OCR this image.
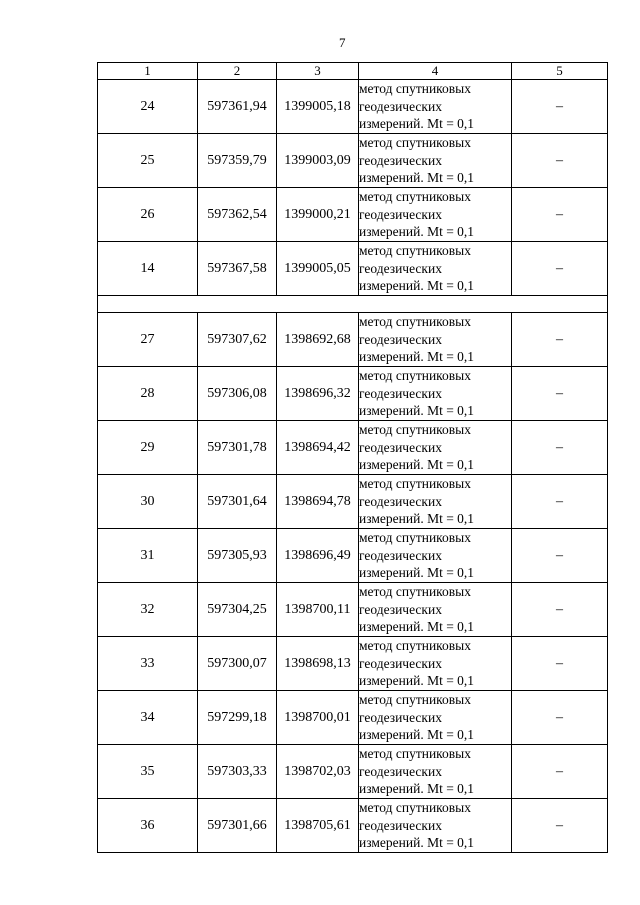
7
1	2	3	4	5
24	597361,94	1399005,18	метод спутниковых
геодезических
измерений. Mt = 0,1	–
25	597359,79	1399003,09	метод спутниковых
геодезических
измерений. Mt = 0,1	–
26	597362,54	1399000,21	метод спутниковых
геодезических
измерений. Mt = 0,1	–
14	597367,58	1399005,05	метод спутниковых
геодезических
измерений. Mt = 0,1	–

27	597307,62	1398692,68	метод спутниковых
геодезических
измерений. Mt = 0,1	–
28	597306,08	1398696,32	метод спутниковых
геодезических
измерений. Mt = 0,1	–
29	597301,78	1398694,42	метод спутниковых
геодезических
измерений. Mt = 0,1	–
30	597301,64	1398694,78	метод спутниковых
геодезических
измерений. Mt = 0,1	–
31	597305,93	1398696,49	метод спутниковых
геодезических
измерений. Mt = 0,1	–
32	597304,25	1398700,11	метод спутниковых
геодезических
измерений. Mt = 0,1	–
33	597300,07	1398698,13	метод спутниковых
геодезических
измерений. Mt = 0,1	–
34	597299,18	1398700,01	метод спутниковых
геодезических
измерений. Mt = 0,1	–
35	597303,33	1398702,03	метод спутниковых
геодезических
измерений. Mt = 0,1	–
36	597301,66	1398705,61	метод спутниковых
геодезических
измерений. Mt = 0,1	–
